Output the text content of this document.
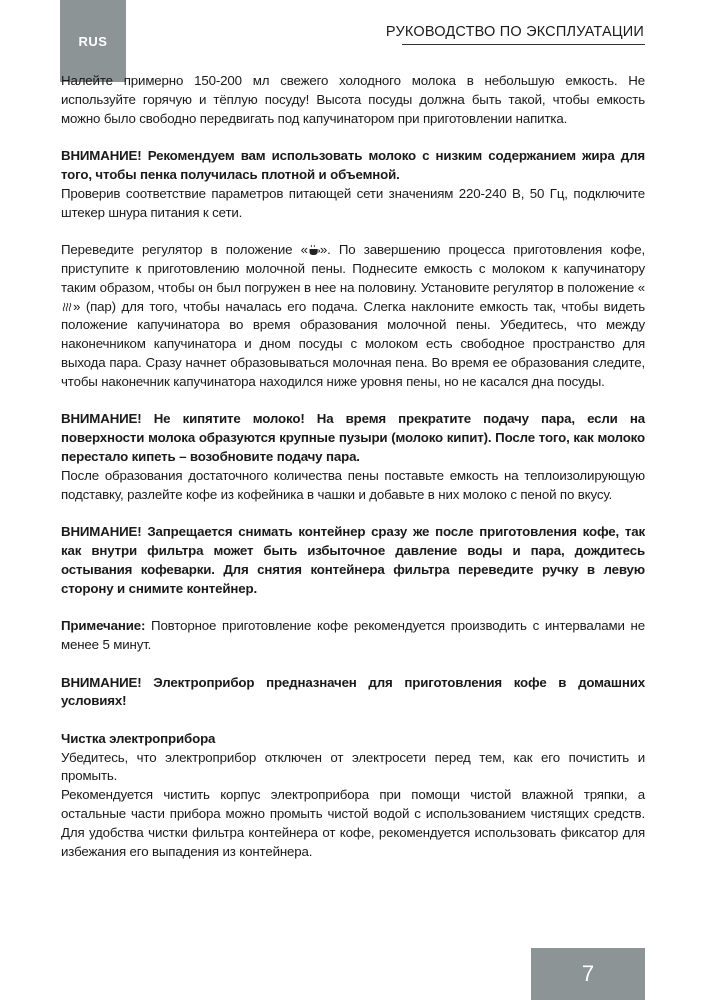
RUS
РУКОВОДСТВО ПО ЭКСПЛУАТАЦИИ

Налейте примерно 150-200 мл свежего холодного молока в небольшую емкость. Не используйте горячую и тёплую посуду! Высота посуды должна быть такой, чтобы емкость можно было свободно передвигать под капучинатором при приготовлении напитка.

ВНИМАНИЕ! Рекомендуем вам использовать молоко с низким содержанием жира для того, чтобы пенка получилась плотной и объемной.
Проверив соответствие параметров питающей сети значениям 220-240 В, 50 Гц, подключите штекер шнура питания к сети.

Переведите регулятор в положение « ». По завершению процесса приготовления кофе, приступите к приготовлению молочной пены. Поднесите емкость с молоком к капучинатору таким образом, чтобы он был погружен в нее на половину. Установите регулятор в положение «» (пар) для того, чтобы началась его подача. Слегка наклоните емкость так, чтобы видеть положение капучинатора во время образования молочной пены. Убедитесь, что между наконечником капучинатора и дном посуды с молоком есть свободное пространство для выхода пара. Сразу начнет образовываться молочная пена. Во время ее образования следите, чтобы наконечник капучинатора находился ниже уровня пены, но не касался дна посуды.

ВНИМАНИЕ! Не кипятите молоко! На время прекратите подачу пара, если на поверхности молока образуются крупные пузыри (молоко кипит). После того, как молоко перестало кипеть – возобновите подачу пара.
После образования достаточного количества пены поставьте емкость на теплоизолирующую подставку, разлейте кофе из кофейника в чашки и добавьте в них молоко с пеной по вкусу.

ВНИМАНИЕ! Запрещается снимать контейнер сразу же после приготовления кофе, так как внутри фильтра может быть избыточное давление воды и пара, дождитесь остывания кофеварки. Для снятия контейнера фильтра переведите ручку в левую сторону и снимите контейнер.

Примечание: Повторное приготовление кофе рекомендуется производить с интервалами не менее 5 минут.

ВНИМАНИЕ! Электроприбор предназначен для приготовления кофе в домашних условиях!

Чистка электроприбора
Убедитесь, что электроприбор отключен от электросети перед тем, как его почистить и промыть.
Рекомендуется чистить корпус электроприбора при помощи чистой влажной тряпки, а остальные части прибора можно промыть чистой водой с использованием чистящих средств. Для удобства чистки фильтра контейнера от кофе, рекомендуется использовать фиксатор для избежания его выпадения из контейнера.

7
